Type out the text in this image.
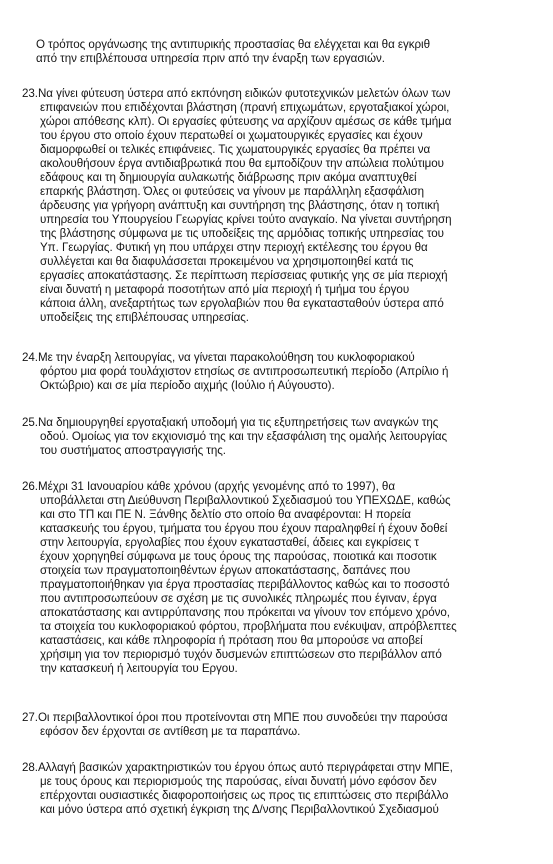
Ο τρόπος οργάνωσης της αντιπυρικής προστασίας θα ελέγχεται και θα εγκριθ

από την επιβλέπουσα υπηρεσία πριν από την έναρξη των εργασιών.

23.Να γίνει φύτευση ύστερα από εκπόνηση ειδικών φυτοτεχνικών μελετών όλων των

επιφανειών που επιδέχονται βλάστηση (πρανή επιχωμάτων, εργοταξιακοί χώροι,

χώροι απόθεσης κλπ). Οι εργασίες φύτευσης να αρχίζουν αμέσως σε κάθε τμήμα

του έργου στο οποίο έχουν περατωθεί οι χωματουργικές εργασίες και έχουν

διαμορφωθεί οι τελικές επιφάνειες. Τις χωματουργικές εργασίες θα πρέπει να

ακολουθήσουν έργα αντιδιαβρωτικά που θα εμποδίζουν την απώλεια πολύτιμου

εδάφους και τη δημιουργία αυλακωτής διάβρωσης πριν ακόμα αναπτυχθεί

επαρκής βλάστηση. Όλες οι φυτεύσεις να γίνουν με παράλληλη εξασφάλιση

άρδευσης για γρήγορη ανάπτυξη και συντήρηση της βλάστησης, όταν η τοπική

υπηρεσία του Υπουργείου Γεωργίας κρίνει τούτο αναγκαίο. Να γίνεται συντήρηση

της βλάστησης σύμφωνα με τις υποδείξεις της αρμόδιας τοπικής υπηρεσίας του

Υπ. Γεωργίας. Φυτική γη που υπάρχει στην περιοχή εκτέλεσης του έργου θα

συλλέγεται και θα διαφυλάσσεται προκειμένου να χρησιμοποιηθεί κατά τις

εργασίες αποκατάστασης. Σε περίπτωση περίσσειας φυτικής γης σε μία περιοχή

είναι δυνατή η μεταφορά ποσοτήτων από μία περιοχή ή τμήμα του έργου

κάποια άλλη, ανεξαρτήτως των εργολαβιών που θα εγκατασταθούν ύστερα από

υποδείξεις της επιβλέπουσας υπηρεσίας.

24.Με την έναρξη λειτουργίας, να γίνεται παρακολούθηση του κυκλοφοριακού

φόρτου μια φορά τουλάχιστον ετησίως σε αντιπροσωπευτική περίοδο (Απρίλιο ή

Οκτώβριο) και σε μία περίοδο αιχμής (Ιούλιο ή Αύγουστο).

25.Να δημιουργηθεί εργοταξιακή υποδομή για τις εξυπηρετήσεις των αναγκών της

οδού. Ομοίως για τον εκχιονισμό της και την εξασφάλιση της ομαλής λειτουργίας

του συστήματος αποστραγγισής της.

26.Μέχρι 31 Ιανουαρίου κάθε χρόνου (αρχής γενομένης από το 1997), θα

υποβάλλεται στη Διεύθυνση Περιβαλλοντικού Σχεδιασμού του ΥΠΕΧΩΔΕ, καθώς

και στο ΤΠ και ΠΕ Ν. Ξάνθης δελτίο στο οποίο θα αναφέρονται: Η πορεία

κατασκευής του έργου, τμήματα του έργου που έχουν παραληφθεί ή έχουν δοθεί

στην λειτουργία, εργολαβίες που έχουν εγκατασταθεί, άδειες και εγκρίσεις τ

έχουν χορηγηθεί σύμφωνα με τους όρους της παρούσας, ποιοτικά και ποσοτικ

στοιχεία των πραγματοποιηθέντων έργων αποκατάστασης, δαπάνες που

πραγματοποιήθηκαν για έργα προστασίας περιβάλλοντος καθώς και το ποσοστό

που αντιπροσωπεύουν σε σχέση με τις συνολικές πληρωμές που έγιναν, έργα

αποκατάστασης και αντιρρύπανσης που πρόκειται να γίνουν τον επόμενο χρόνο,

τα στοιχεία του κυκλοφοριακού φόρτου, προβλήματα που ενέκυψαν, απρόβλεπτες

καταστάσεις, και κάθε πληροφορία ή πρόταση που θα μπορούσε να αποβεί

χρήσιμη για τον περιορισμό τυχόν δυσμενών επιπτώσεων στο περιβάλλον από

την κατασκευή ή λειτουργία του Εργου.

27.Οι περιβαλλοντικοί όροι που προτείνονται στη ΜΠΕ που συνοδεύει την παρούσα

εφόσον δεν έρχονται σε αντίθεση με τα παραπάνω.

28.Αλλαγή βασικών χαρακτηριστικών του έργου όπως αυτό περιγράφεται στην ΜΠΕ,

με τους όρους και περιορισμούς της παρούσας, είναι δυνατή μόνο εφόσον δεν

επέρχονται ουσιαστικές διαφοροποιήσεις ως προς τις επιπτώσεις στο περιβάλλο

και μόνο ύστερα από σχετική έγκριση της Δ/νσης Περιβαλλοντικού Σχεδιασμού
